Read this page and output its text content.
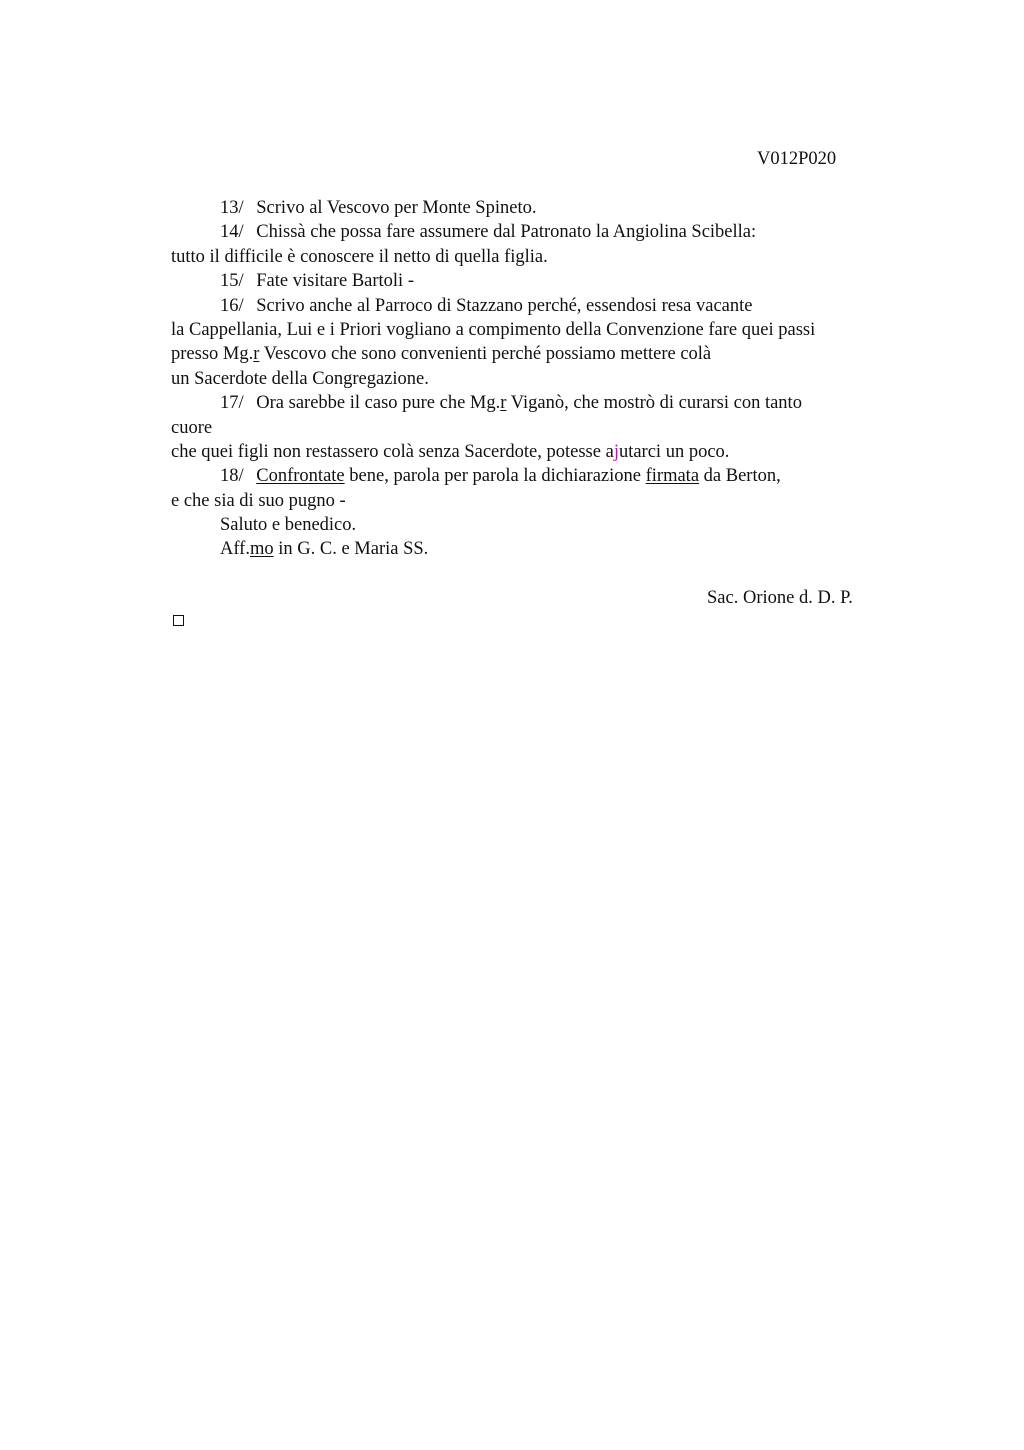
V012P020

13/ Scrivo al Vescovo per Monte Spineto.
14/ Chissà che possa fare assumere dal Patronato la Angiolina Scibella:
tutto il difficile è conoscere il netto di quella figlia.
15/ Fate visitare Bartoli -
16/ Scrivo anche al Parroco di Stazzano perché, essendosi resa vacante
la Cappellania, Lui e i Priori vogliano a compimento della Convenzione fare quei passi
presso Mg.r Vescovo che sono convenienti perché possiamo mettere colà
un Sacerdote della Congregazione.
17/ Ora sarebbe il caso pure che Mg.r Viganò, che mostrò di curarsi con tanto
cuore
che quei figli non restassero colà senza Sacerdote, potesse ajutarci un poco.
18/ Confrontate bene, parola per parola la dichiarazione firmata da Berton,
e che sia di suo pugno -
Saluto e benedico.
Aff.mo in G. C. e Maria SS.
Sac. Orione d. D. P.
